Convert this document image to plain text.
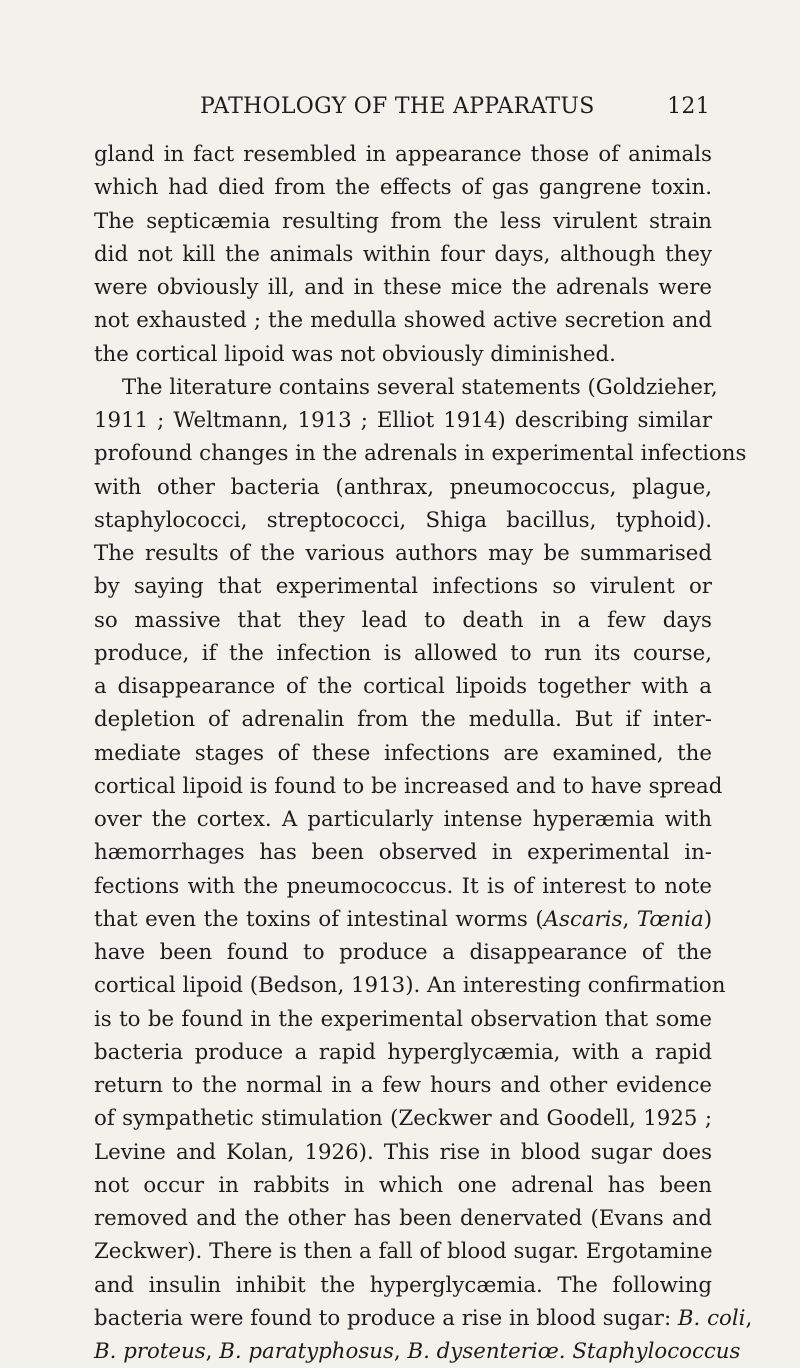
PATHOLOGY OF THE APPARATUS	121
gland in fact resembled in appearance those of animals
which had died from the effects of gas gangrene toxin.
The septicæmia resulting from the less virulent strain
did not kill the animals within four days, although they
were obviously ill, and in these mice the adrenals were
not exhausted ; the medulla showed active secretion and
the cortical lipoid was not obviously diminished.
The literature contains several statements (Goldzieher,
1911 ; Weltmann, 1913 ; Elliot 1914) describing similar
profound changes in the adrenals in experimental infections
with other bacteria (anthrax, pneumococcus, plague,
staphylococci, streptococci, Shiga bacillus, typhoid).
The results of the various authors may be summarised
by saying that experimental infections so virulent or
so massive that they lead to death in a few days
produce, if the infection is allowed to run its course,
a disappearance of the cortical lipoids together with a
depletion of adrenalin from the medulla. But if inter-
mediate stages of these infections are examined, the
cortical lipoid is found to be increased and to have spread
over the cortex. A particularly intense hyperæmia with
hæmorrhages has been observed in experimental in-
fections with the pneumococcus. It is of interest to note
that even the toxins of intestinal worms (Ascaris, Tœnia)
have been found to produce a disappearance of the
cortical lipoid (Bedson, 1913). An interesting confirmation
is to be found in the experimental observation that some
bacteria produce a rapid hyperglycæmia, with a rapid
return to the normal in a few hours and other evidence
of sympathetic stimulation (Zeckwer and Goodell, 1925 ;
Levine and Kolan, 1926). This rise in blood sugar does
not occur in rabbits in which one adrenal has been
removed and the other has been denervated (Evans and
Zeckwer). There is then a fall of blood sugar. Ergotamine
and insulin inhibit the hyperglycæmia. The following
bacteria were found to produce a rise in blood sugar: B. coli,
B. proteus, B. paratyphosus, B. dysenteriœ. Staphylococcus
